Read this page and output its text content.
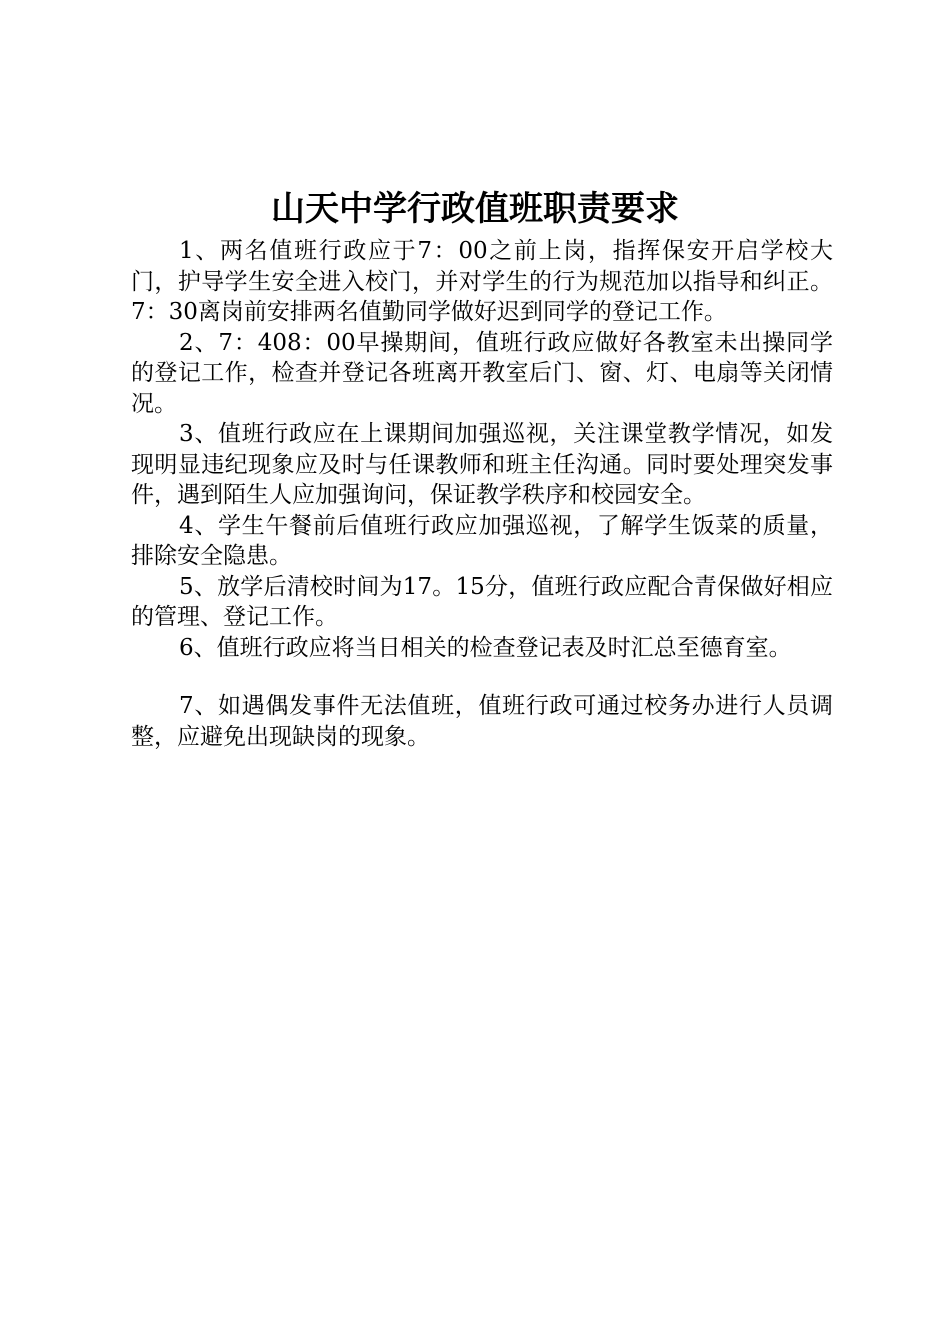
山天中学行政值班职责要求

1、两名值班行政应于7：00之前上岗，指挥保安开启学校大门，护导学生安全进入校门，并对学生的行为规范加以指导和纠正。7：30离岗前安排两名值勤同学做好迟到同学的登记工作。

2、7：408：00早操期间，值班行政应做好各教室未出操同学的登记工作，检查并登记各班离开教室后门、窗、灯、电扇等关闭情况。

3、值班行政应在上课期间加强巡视，关注课堂教学情况，如发现明显违纪现象应及时与任课教师和班主任沟通。同时要处理突发事件，遇到陌生人应加强询问，保证教学秩序和校园安全。

4、学生午餐前后值班行政应加强巡视，了解学生饭菜的质量，排除安全隐患。

5、放学后清校时间为17。15分，值班行政应配合青保做好相应的管理、登记工作。

6、值班行政应将当日相关的检查登记表及时汇总至德育室。

7、如遇偶发事件无法值班，值班行政可通过校务办进行人员调整，应避免出现缺岗的现象。
